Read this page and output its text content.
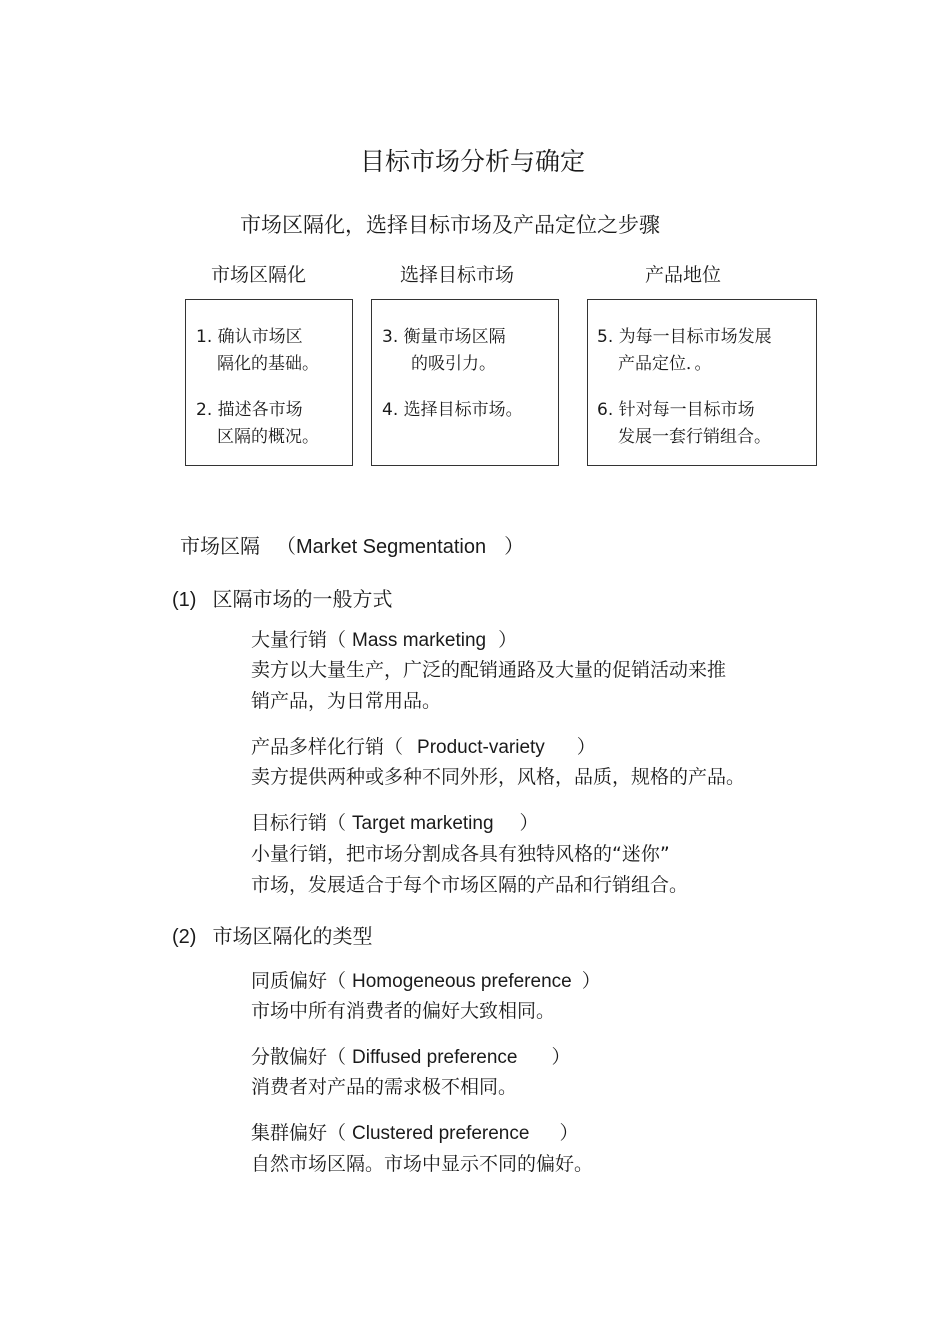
目标市场分析与确定
市场区隔化，选择目标市场及产品定位之步骤
市场区隔化	选择目标市场	产品地位
1. 确认市场区
隔化的基础。
2. 描述各市场
区隔的概况。
3. 衡量市场区隔
的吸引力。
4. 选择目标市场。
5. 为每一目标市场发展
产品定位．。
6. 针对每一目标市场
发展一套行销组合。
市场区隔 （Market Segmentation ）
(1) 区隔市场的一般方式
大量行销（ Mass marketing ）
卖方以大量生产，广泛的配销通路及大量的促销活动来推
销产品，为日常用品。
产品多样化行销（ Product-variety ）
卖方提供两种或多种不同外形，风格，品质，规格的产品。
目标行销（ Target marketing ）
小量行销，把市场分割成各具有独特风格的“迷你”
市场，发展适合于每个市场区隔的产品和行销组合。
(2) 市场区隔化的类型
同质偏好（ Homogeneous preference ）
市场中所有消费者的偏好大致相同。
分散偏好（ Diffused preference ）
消费者对产品的需求极不相同。
集群偏好（ Clustered preference ）
自然市场区隔。市场中显示不同的偏好。
